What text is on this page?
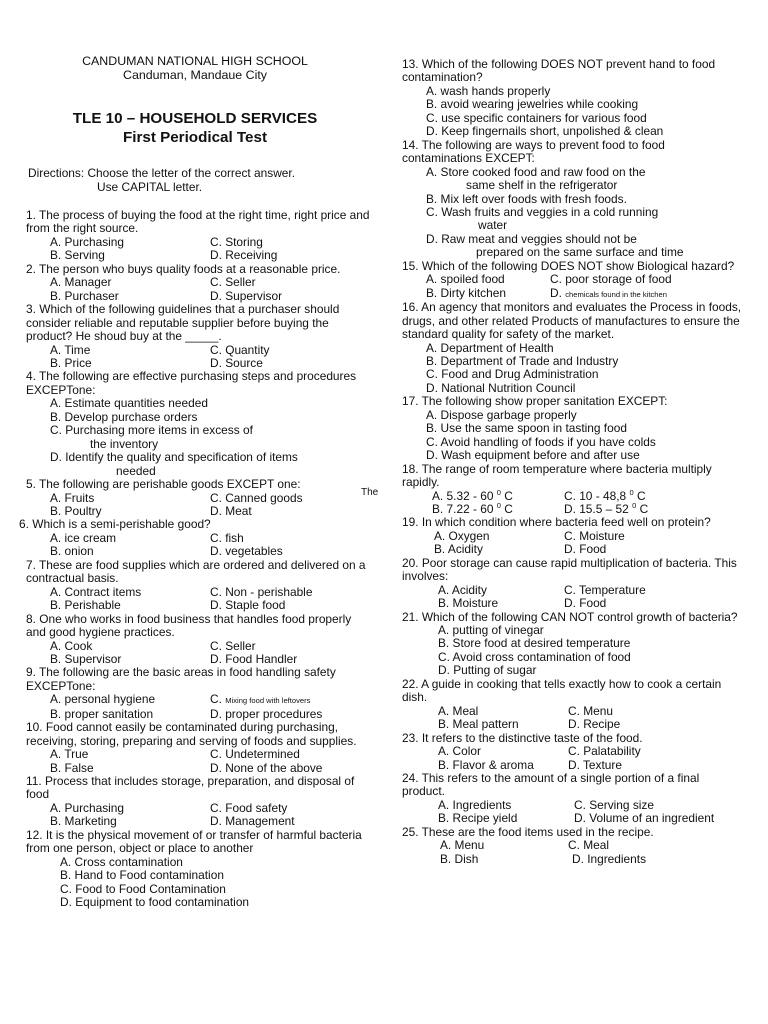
CANDUMAN NATIONAL HIGH SCHOOL
Canduman, Mandaue City
TLE 10 – HOUSEHOLD SERVICES
First Periodical Test
Directions: Choose the letter of the correct answer.
Use CAPITAL letter.
The
1. The process of buying the food at the right time, right price and from the right source.
A. Purchasing	C. Storing
B. Serving	D. Receiving
2. The person who buys quality foods at a reasonable price.
A. Manager	C. Seller
B. Purchaser	D. Supervisor
3. Which of the following guidelines that a purchaser should consider reliable and reputable supplier before buying the product? He shoud buy at the _____.
A. Time	C. Quantity
B. Price	D. Source
4. The following are effective purchasing steps and procedures EXCEPTone:
A. Estimate quantities needed
B. Develop purchase orders
C. Purchasing more items in excess of
the inventory
D. Identify the quality and specification of items
needed
5. The following are perishable goods EXCEPT one:
A. Fruits	C. Canned goods
B. Poultry	D. Meat
6. Which is a semi-perishable good?
A. ice cream	C. fish
B. onion	D. vegetables
7. These are food supplies which are ordered and delivered on a contractual basis.
A. Contract items	C. Non - perishable
B. Perishable	D. Staple food
8. One who works in food business that handles food properly and good hygiene practices.
A. Cook	C. Seller
B. Supervisor	D. Food Handler
9. The following are the basic areas in food handling safety EXCEPTone:
A. personal hygiene	C. Mixing food with leftovers
B. proper sanitation	D. proper procedures
10. Food cannot easily be contaminated during purchasing, receiving, storing, preparing and serving of foods and supplies.
A. True	C. Undetermined
B. False	D. None of the above
11. Process that includes storage, preparation, and disposal of food
A. Purchasing	C. Food safety
B. Marketing	D. Management
12. It is the physical movement of or transfer of harmful bacteria from one person, object or place to another
A. Cross contamination
B. Hand to Food contamination
C. Food to Food Contamination
D. Equipment to food contamination
13. Which of the following DOES NOT prevent hand to food contamination?
A. wash hands properly
B. avoid wearing jewelries while cooking
C. use specific containers for various food
D. Keep fingernails short, unpolished & clean
14. The following are ways to prevent food to food contaminations EXCEPT:
A. Store cooked food and raw food on the
same shelf in the refrigerator
B. Mix left over foods with fresh foods.
C. Wash fruits and veggies in a cold running
water
D. Raw meat and veggies should not be
prepared on the same surface and time
15. Which of the following DOES NOT show Biological hazard?
A. spoiled food	C. poor storage of food
B. Dirty kitchen	D. chemicals found in the kitchen
16. An agency that monitors and evaluates the Process in foods, drugs, and other related Products of manufactures to ensure the standard quality for safety of the market.
A. Department of Health
B. Department of Trade and Industry
C. Food and Drug Administration
D. National Nutrition Council
17. The following show proper sanitation EXCEPT:
A. Dispose garbage properly
B. Use the same spoon in tasting food
C. Avoid handling of foods if you have colds
D. Wash equipment before and after use
18. The range of room temperature where bacteria multiply rapidly.
A. 5.32 - 60 $^0$ C	C. 10 - 48,8 $^0$ C
B. 7.22 - 60 $^0$ C	D. 15.5 – 52 $^0$ C
19. In which condition where bacteria feed well on protein?
A. Oxygen	C. Moisture
B. Acidity	D. Food
20. Poor storage can cause rapid multiplication of bacteria. This involves:
A. Acidity	C. Temperature
B. Moisture	D. Food
21. Which of the following CAN NOT control growth of bacteria?
A. putting of vinegar
B. Store food at desired temperature
C. Avoid cross contamination of food
D. Putting of sugar
22. A guide in cooking that tells exactly how to cook a certain dish.
A. Meal	C. Menu
B. Meal pattern	D. Recipe
23. It refers to the distinctive taste of the food.
A. Color	C. Palatability
B. Flavor & aroma	D. Texture
24. This refers to the amount of a single portion of a final product.
A. Ingredients	C. Serving size
B. Recipe yield	D. Volume of an ingredient
25. These are the food items used in the recipe.
A. Menu	C. Meal
B. Dish	D. Ingredients
